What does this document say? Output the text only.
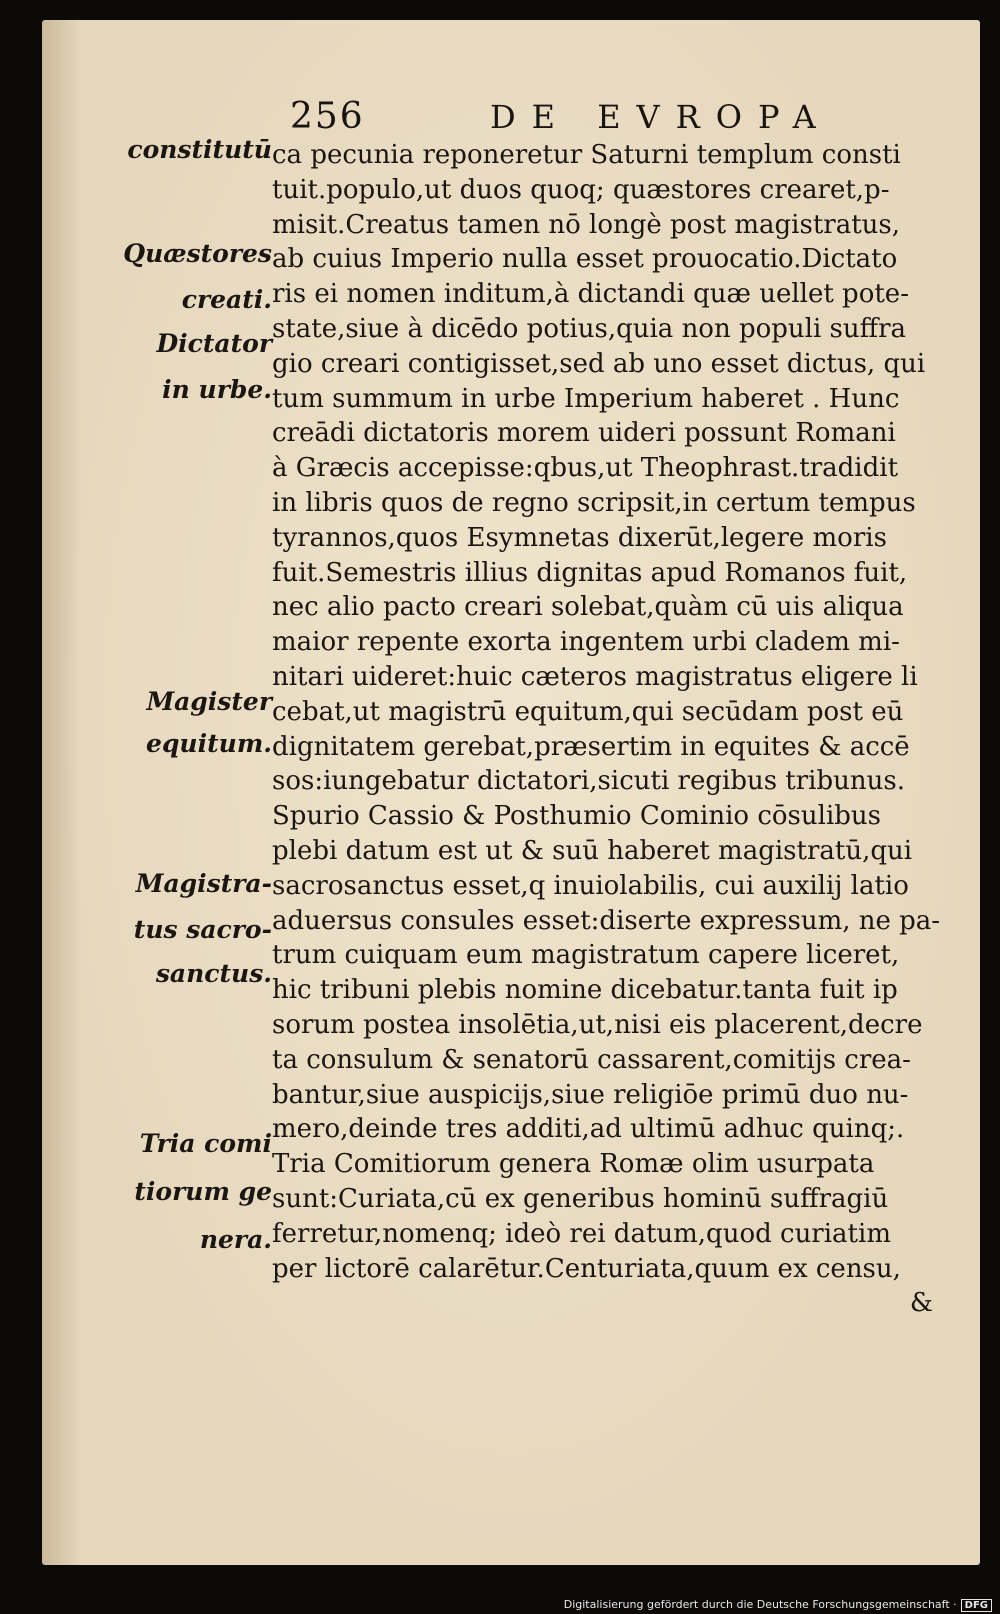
256	DE EVROPA
ca pecunia reponeretur Saturni templum consti
tuit.populo,ut duos quoq; quæstores crearet,p-
misit.Creatus tamen nō longè post magistratus,
ab cuius Imperio nulla esset prouocatio.Dictato
ris ei nomen inditum,à dictandi quæ uellet pote-
state,siue à dicēdo potius,quia non populi suffra
gio creari contigisset,sed ab uno esset dictus, qui
tum summum in urbe Imperium haberet . Hunc
creādi dictatoris morem uideri possunt Romani
à Græcis accepisse:qbus,ut Theophrast.tradidit
in libris quos de regno scripsit,in certum tempus
tyrannos,quos Esymnetas dixerūt,legere moris
fuit.Semestris illius dignitas apud Romanos fuit,
nec alio pacto creari solebat,quàm cū uis aliqua
maior repente exorta ingentem urbi cladem mi-
nitari uideret:huic cæteros magistratus eligere li
cebat,ut magistrū equitum,qui secūdam post eū
dignitatem gerebat,præsertim in equites & accē
sos:iungebatur dictatori,sicuti regibus tribunus.
Spurio Cassio & Posthumio Cominio cōsulibus
plebi datum est ut & suū haberet magistratū,qui
sacrosanctus esset,q inuiolabilis, cui auxilij latio
aduersus consules esset:diserte expressum, ne pa-
trum cuiquam eum magistratum capere liceret,
hic tribuni plebis nomine dicebatur.tanta fuit ip
sorum postea insolētia,ut,nisi eis placerent,decre
ta consulum & senatorū cassarent,comitijs crea-
bantur,siue auspicijs,siue religiōe primū duo nu-
mero,deinde tres additi,ad ultimū adhuc quinq;.
Tria Comitiorum genera Romæ olim usurpata
sunt:Curiata,cū ex generibus hominū suffragiū
ferretur,nomenq; ideò rei datum,quod curiatim
per lictorē calarētur.Centuriata,quum ex censu,
&
constitutū
Quæstores
creati.
Dictator
in urbe.
Magister
equitum.
Magistra-
tus sacro-
sanctus.
Tria comi
tiorum ge
nera.
Digitalisierung gefördert durch die Deutsche Forschungsgemeinschaft · DFG
